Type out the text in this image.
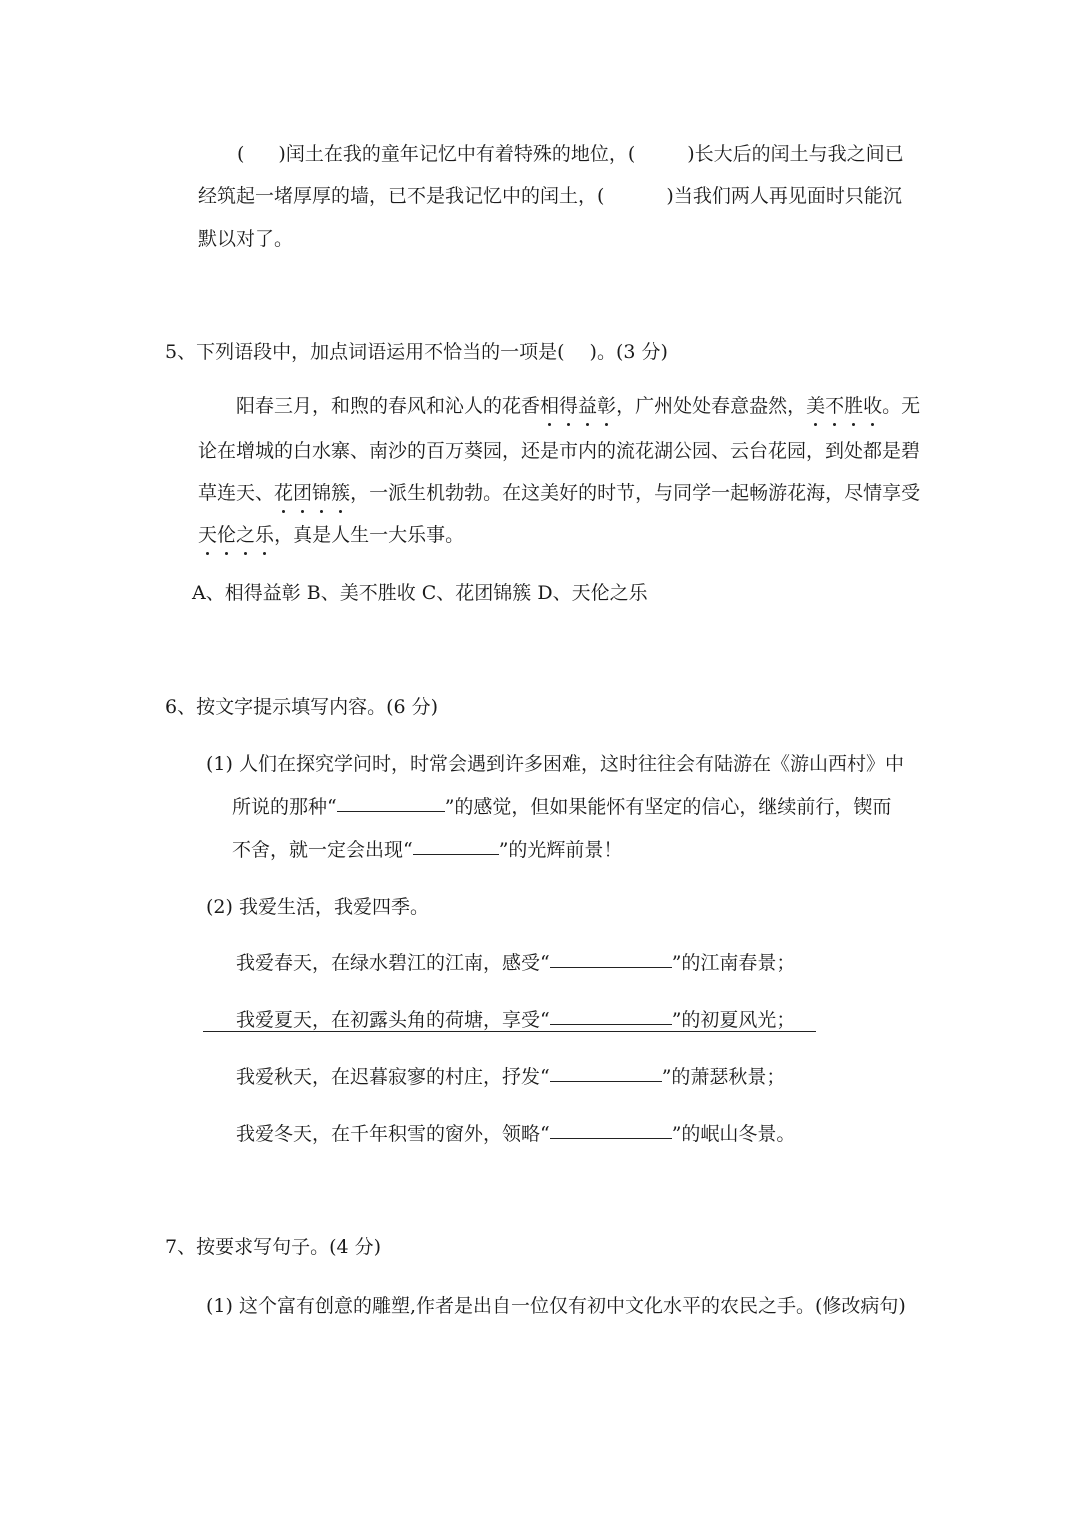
( )闰土在我的童年记忆中有着特殊的地位，(	)长大后的闰土与我之间已
经筑起一堵厚厚的墙，已不是我记忆中的闰土，(	)当我们两人再见面时只能沉
默以对了。
5、下列语段中，加点词语运用不恰当的一项是(　 )。(3 分)
阳春三月，和煦的春风和沁人的花香相得益彰，广州处处春意盎然，美不胜收。无
论在增城的白水寨、南沙的百万葵园，还是市内的流花湖公园、云台花园，到处都是碧
草连天、花团锦簇，一派生机勃勃。在这美好的时节，与同学一起畅游花海，尽情享受
天伦之乐，真是人生一大乐事。
A、相得益彰 B、美不胜收 C、花团锦簇 D、天伦之乐
6、按文字提示填写内容。(6 分)
(1) 人们在探究学问时，时常会遇到许多困难，这时往往会有陆游在《游山西村》中
所说的那种“	”的感觉，但如果能怀有坚定的信心，继续前行，锲而
不舍，就一定会出现“	”的光辉前景！
(2) 我爱生活，我爱四季。
我爱春天，在绿水碧江的江南，感受“	”的江南春景；
我爱夏天，在初露头角的荷塘，享受“	”的初夏风光；
我爱秋天，在迟暮寂寥的村庄，抒发“	”的萧瑟秋景；
我爱冬天，在千年积雪的窗外，领略“	”的岷山冬景。
7、按要求写句子。(4 分)
(1) 这个富有创意的雕塑,作者是出自一位仅有初中文化水平的农民之手。(修改病句)
